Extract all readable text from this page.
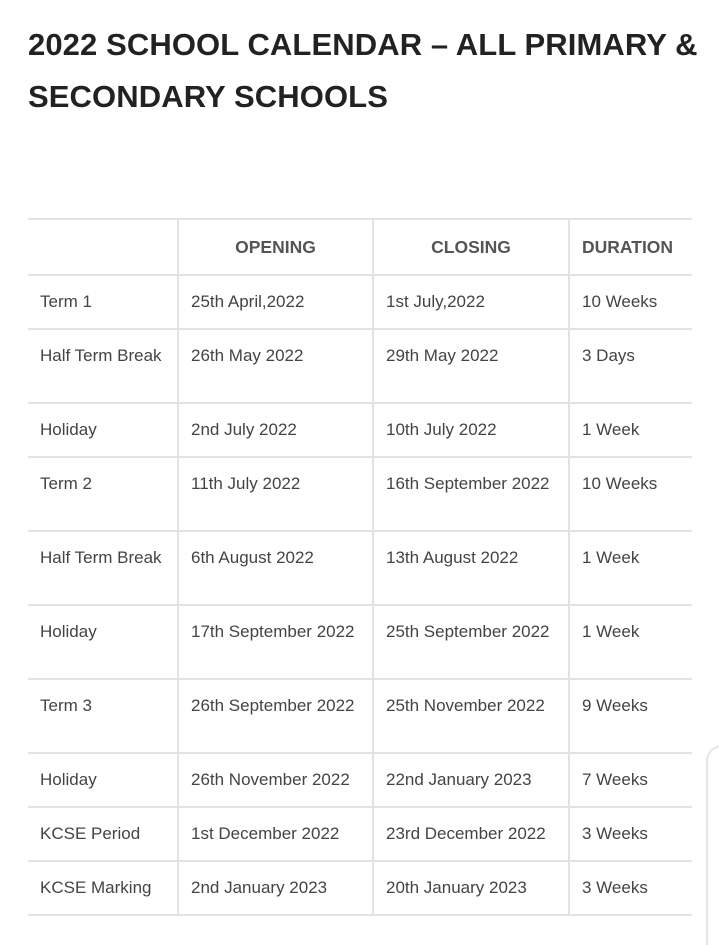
2022 SCHOOL CALENDAR – ALL PRIMARY & SECONDARY SCHOOLS
	OPENING	CLOSING	DURATION
Term 1	25th April,2022	1st July,2022	10 Weeks
Half Term Break	26th May 2022	29th May 2022	3 Days
Holiday	2nd July 2022	10th July 2022	1 Week
Term 2	11th July 2022	16th September 2022	10 Weeks
Half Term Break	6th August 2022	13th August 2022	1 Week
Holiday	17th September 2022	25th September 2022	1 Week
Term 3	26th September 2022	25th November 2022	9 Weeks
Holiday	26th November 2022	22nd January 2023	7 Weeks
KCSE Period	1st December 2022	23rd December 2022	3 Weeks
KCSE Marking	2nd January 2023	20th January 2023	3 Weeks
